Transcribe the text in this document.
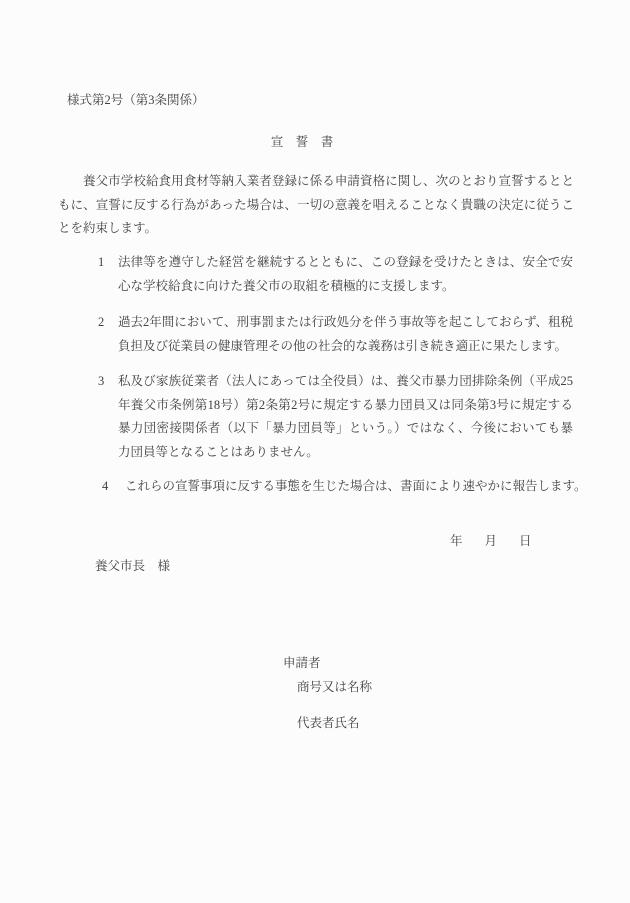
様式第2号（第3条関係）
宣　誓　書
養父市学校給食用食材等納入業者登録に係る申請資格に関し、次のとおり宣誓するとともに、宣誓に反する行為があった場合は、一切の意義を唱えることなく貴職の決定に従うことを約束します。
1 法律等を遵守した経営を継続するとともに、この登録を受けたときは、安全で安心な学校給食に向けた養父市の取組を積極的に支援します。
2 過去2年間において、刑事罰または行政処分を伴う事故等を起こしておらず、租税負担及び従業員の健康管理その他の社会的な義務は引き続き適正に果たします。
3 私及び家族従業者（法人にあっては全役員）は、養父市暴力団排除条例（平成25年養父市条例第18号）第2条第2号に規定する暴力団員又は同条第3号に規定する暴力団密接関係者（以下「暴力団員等」という。）ではなく、今後においても暴力団員等となることはありません。
4 これらの宣誓事項に反する事態を生じた場合は、書面により速やかに報告します。
年 月 日
養父市長　様
申請者
商号又は名称
代表者氏名
